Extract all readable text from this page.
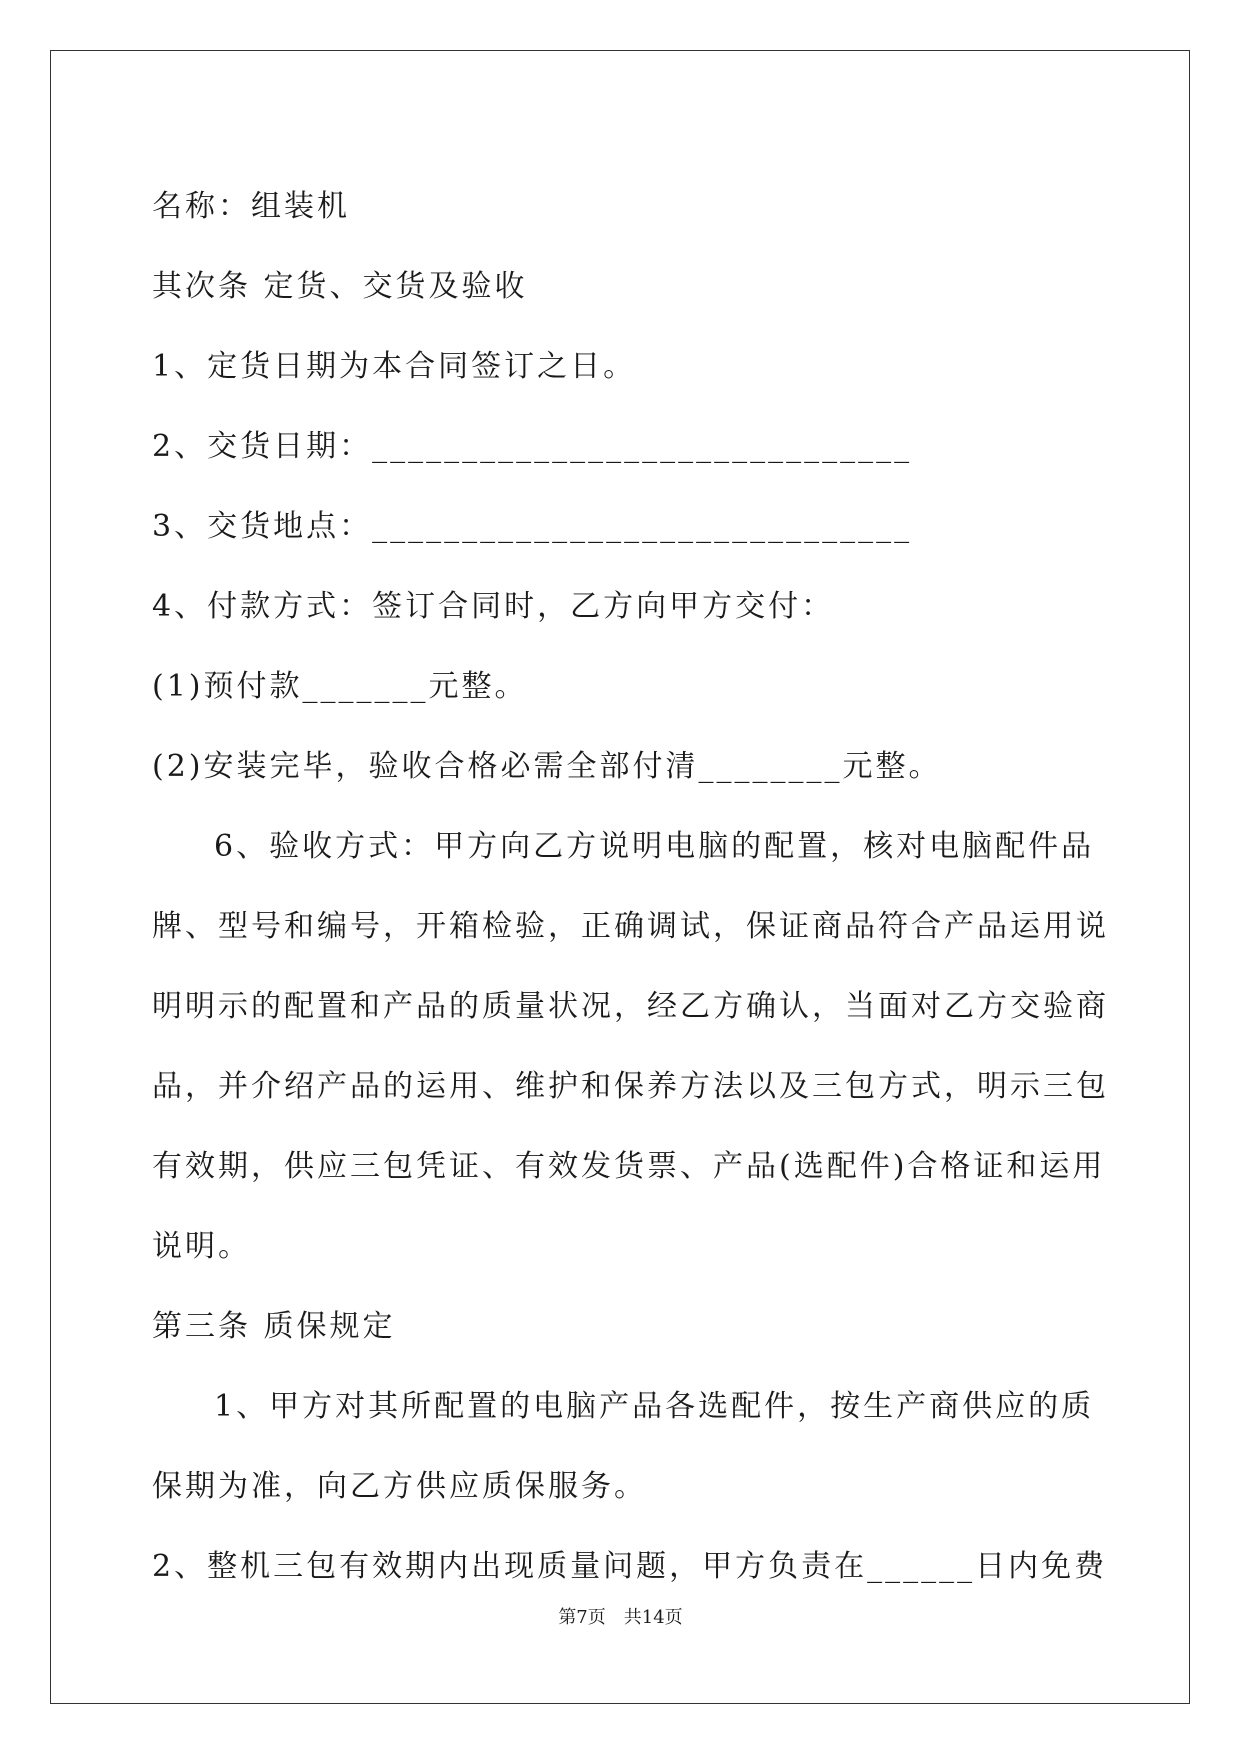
名称：组装机

其次条 定货、交货及验收

1、定货日期为本合同签订之日。

2、交货日期：______________________________

3、交货地点：______________________________

4、付款方式：签订合同时，乙方向甲方交付：

(1)预付款_______元整。

(2)安装完毕，验收合格必需全部付清________元整。

6、验收方式：甲方向乙方说明电脑的配置，核对电脑配件品牌、型号和编号，开箱检验，正确调试，保证商品符合产品运用说明明示的配置和产品的质量状况，经乙方确认，当面对乙方交验商品，并介绍产品的运用、维护和保养方法以及三包方式，明示三包有效期，供应三包凭证、有效发货票、产品(选配件)合格证和运用说明。

第三条 质保规定

1、甲方对其所配置的电脑产品各选配件，按生产商供应的质保期为准，向乙方供应质保服务。

2、整机三包有效期内出现质量问题，甲方负责在______日内免费

第7页　共14页
